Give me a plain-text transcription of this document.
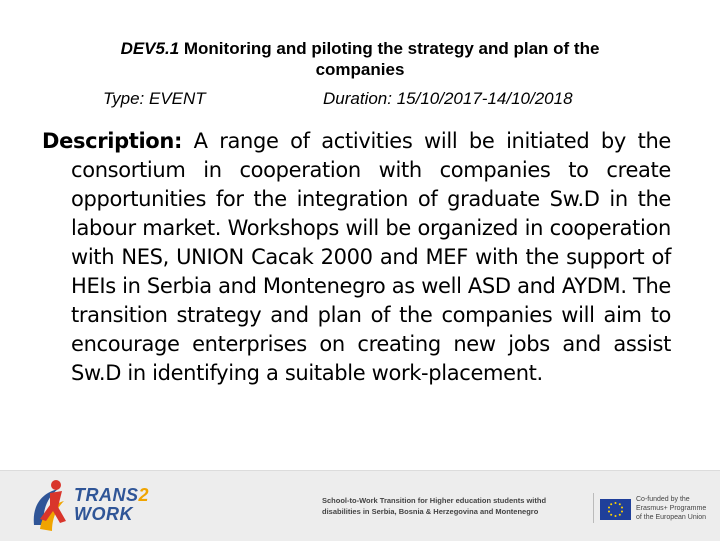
DEV5.1 Monitoring and piloting the strategy and plan of the
companies
Type: EVENT	Duration: 15/10/2017-14/10/2018
Description: A range of activities will be initiated by the consortium in cooperation with companies to create opportunities for the integration of graduate Sw.D in the labour market. Workshops will be organized in cooperation with NES, UNION Cacak 2000 and MEF with the support of HEIs in Serbia and Montenegro as well ASD and AYDM. The transition strategy and plan of the companies will aim to encourage enterprises on creating new jobs and assist Sw.D in identifying a suitable work-placement.
TRANS2
WORK
School-to-Work Transition for Higher education students withd
disabilities in Serbia, Bosnia & Herzegovina and Montenegro
Co-funded by the
Erasmus+ Programme
of the European Union
